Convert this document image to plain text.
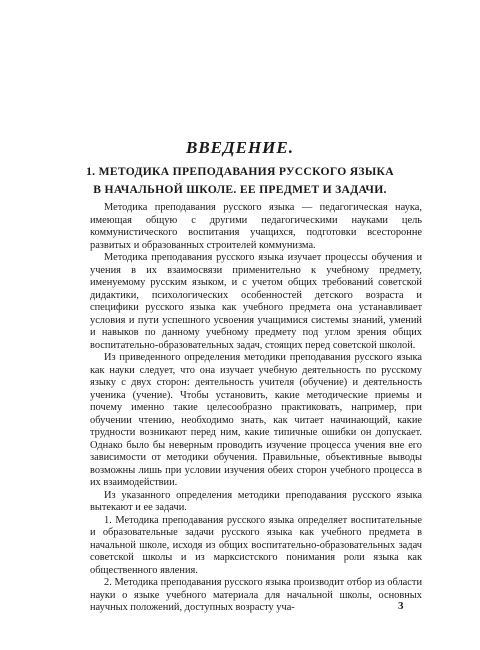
ВВЕДЕНИЕ.
1. МЕТОДИКА ПРЕПОДАВАНИЯ РУССКОГО ЯЗЫКА
В НАЧАЛЬНОЙ ШКОЛЕ. ЕЕ ПРЕДМЕТ И ЗАДАЧИ.

Методика преподавания русского языка — педагогическая наука, имеющая общую с другими педагогическими науками цель коммунистического воспитания учащихся, подготовки всесторонне развитых и образованных строителей коммунизма.

Методика преподавания русского языка изучает процессы обучения и учения в их взаимосвязи применительно к учебному предмету, именуемому русским языком, и с учетом общих требований советской дидактики, психологических особенностей детского возраста и специфики русского языка как учебного предмета она устанавливает условия и пути успешного усвоения учащимися системы знаний, умений и навыков по данному учебному предмету под углом зрения общих воспитательно-образовательных задач, стоящих перед советской школой.

Из приведенного определения методики преподавания русского языка как науки следует, что она изучает учебную деятельность по русскому языку с двух сторон: деятельность учителя (обучение) и деятельность ученика (учение). Чтобы установить, какие методические приемы и почему именно такие целесообразно практиковать, например, при обучении чтению, необходимо знать, как читает начинающий, какие трудности возникают перед ним, какие типичные ошибки он допускает. Однако было бы неверным проводить изучение процесса учения вне его зависимости от методики обучения. Правильные, объективные выводы возможны лишь при условии изучения обеих сторон учебного процесса в их взаимодействии.

Из указанного определения методики преподавания русского языка вытекают и ее задачи.

1. Методика преподавания русского языка определяет воспитательные и образовательные задачи русского языка как учебного предмета в начальной школе, исходя из общих воспитательно-образовательных задач советской школы и из марксистского понимания роли языка как общественного явления.

2. Методика преподавания русского языка производит отбор из области науки о языке учебного материала для начальной школы, основных научных положений, доступных возрасту уча-	3
